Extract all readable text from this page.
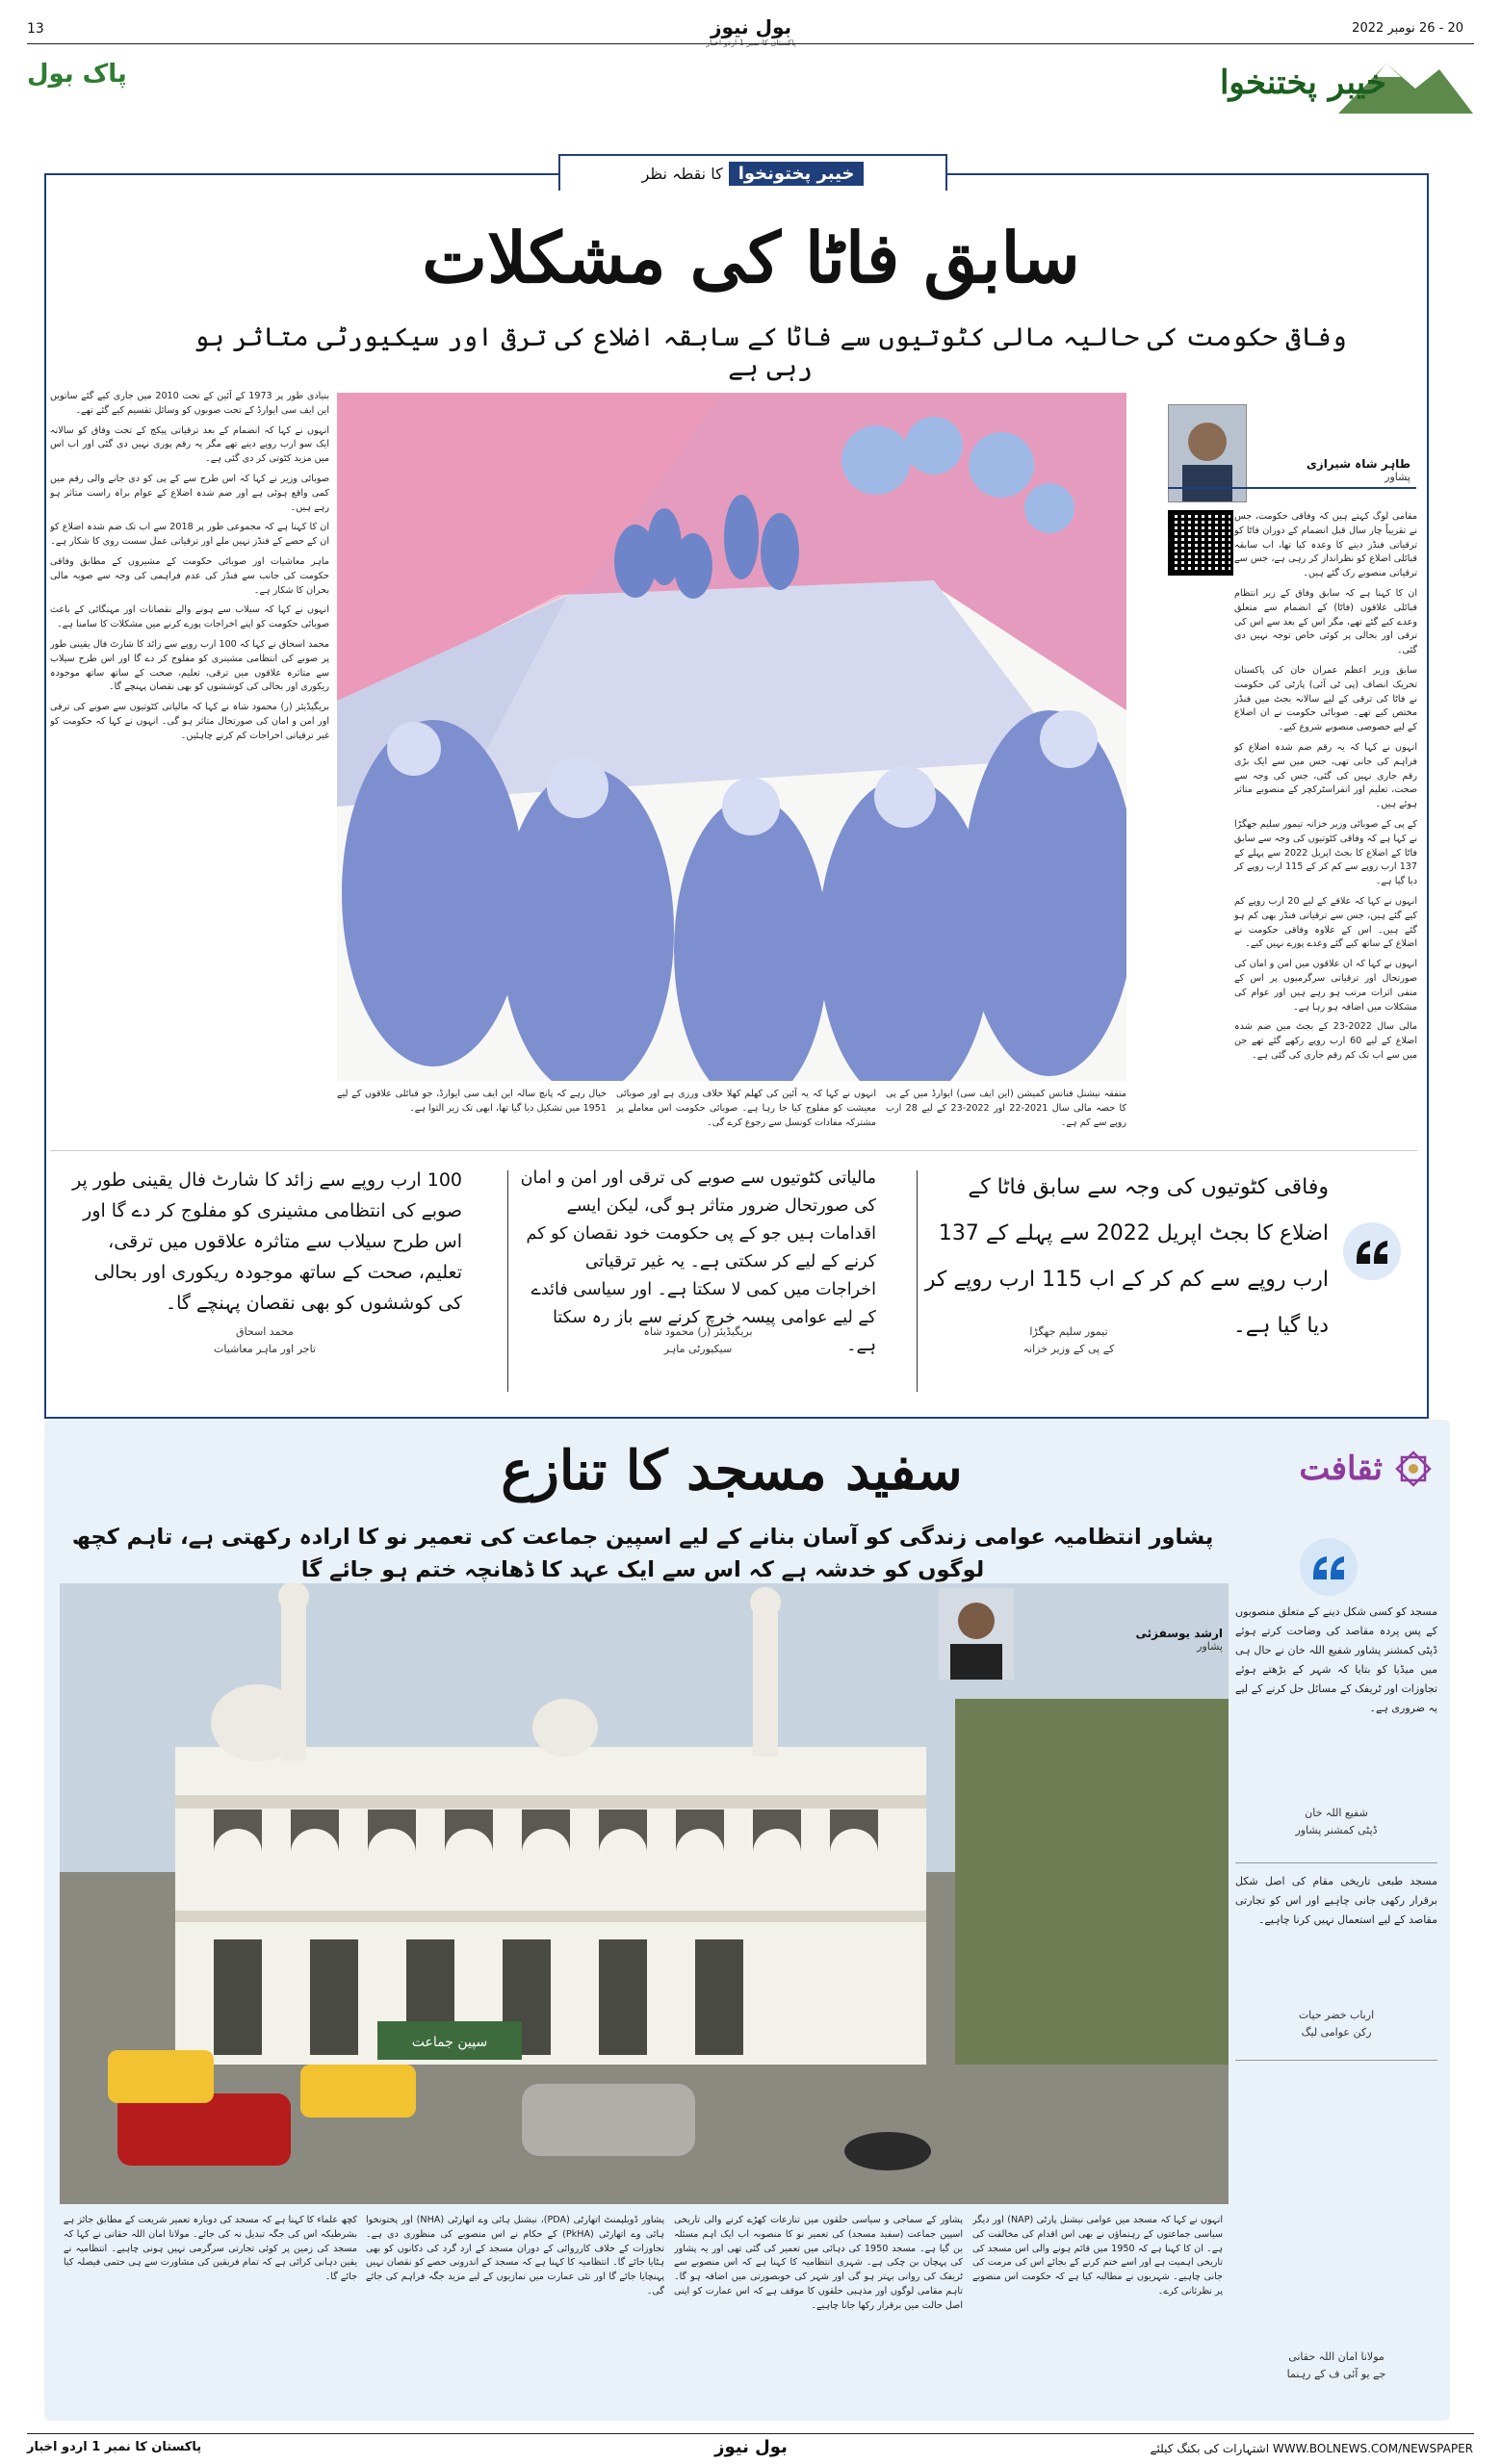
13	20 - 26 نومبر 2022
بول نیوز
پاک بول	خیبر پختنخوا
کا نقطہ نظر خیبر پختونخوا
سابق فاٹا کی مشکلات
وفاقی حکومت کی حالیہ مالی کٹوتیوں سے فاٹا کے سابقہ اضلاع کی ترقی اور سیکیورٹی متاثر ہو رہی ہے

بنیادی طور پر 1973 کے آئین کے تحت 2010 میں جاری کیے گئے ساتویں این ایف سی ایوارڈ کے تحت صوبوں کو وسائل تقسیم کیے گئے تھے۔

انہوں نے کہا کہ انضمام کے بعد ترقیاتی پیکج کے تحت وفاق کو سالانہ ایک سو ارب روپے دینے تھے مگر یہ رقم پوری نہیں دی گئی اور اب اس میں مزید کٹوتی کر دی گئی ہے۔

صوبائی وزیر نے کہا کہ اس طرح سے کے پی کو دی جانے والی رقم میں کمی واقع ہوئی ہے اور ضم شدہ اضلاع کے عوام براہ راست متاثر ہو رہے ہیں۔

ان کا کہنا ہے کہ مجموعی طور پر 2018 سے اب تک ضم شدہ اضلاع کو ان کے حصے کے فنڈز نہیں ملے اور ترقیاتی عمل سست روی کا شکار ہے۔

ماہر معاشیات اور صوبائی حکومت کے مشیروں کے مطابق وفاقی حکومت کی جانب سے فنڈز کی عدم فراہمی کی وجہ سے صوبہ مالی بحران کا شکار ہے۔

انہوں نے کہا کہ سیلاب سے ہونے والے نقصانات اور مہنگائی کے باعث صوبائی حکومت کو اپنے اخراجات پورے کرنے میں مشکلات کا سامنا ہے۔

محمد اسحاق نے کہا کہ 100 ارب روپے سے زائد کا شارٹ فال یقینی طور پر صوبے کی انتظامی مشینری کو مفلوج کر دے گا اور اس طرح سیلاب سے متاثرہ علاقوں میں ترقی، تعلیم، صحت کے ساتھ ساتھ موجودہ ریکوری اور بحالی کی کوششوں کو بھی نقصان پہنچے گا۔

بریگیڈیئر (ر) محمود شاہ نے کہا کہ مالیاتی کٹوتیوں سے صوبے کی ترقی اور امن و امان کی صورتحال متاثر ہو گی۔ انہوں نے کہا کہ حکومت کو غیر ترقیاتی اخراجات کم کرنے چاہئیں۔

طاہر شاہ شیرازی
پشاور

مقامی لوگ کہتے ہیں کہ وفاقی حکومت، جس نے تقریباً چار سال قبل انضمام کے دوران فاٹا کو ترقیاتی فنڈز دینے کا وعدہ کیا تھا، اب سابقہ قبائلی اضلاع کو نظرانداز کر رہی ہے، جس سے ترقیاتی منصوبے رک گئے ہیں۔

ان کا کہنا ہے کہ سابق وفاق کے زیر انتظام قبائلی علاقوں (فاٹا) کے انضمام سے متعلق وعدے کیے گئے تھے، مگر اس کے بعد سے اس کی ترقی اور بحالی پر کوئی خاص توجہ نہیں دی گئی۔

سابق وزیر اعظم عمران خان کی پاکستان تحریک انصاف (پی ٹی آئی) پارٹی کی حکومت نے فاٹا کی ترقی کے لیے سالانہ بجٹ میں فنڈز مختص کیے تھے۔ صوبائی حکومت نے ان اضلاع کے لیے خصوصی منصوبے شروع کیے۔

انہوں نے کہا کہ یہ رقم ضم شدہ اضلاع کو فراہم کی جانی تھی، جس میں سے ایک بڑی رقم جاری نہیں کی گئی، جس کی وجہ سے صحت، تعلیم اور انفراسٹرکچر کے منصوبے متاثر ہوئے ہیں۔

کے پی کے صوبائی وزیر خزانہ تیمور سلیم جھگڑا نے کہا ہے کہ وفاقی کٹوتیوں کی وجہ سے سابق فاٹا کے اضلاع کا بجٹ اپریل 2022 سے پہلے کے 137 ارب روپے سے کم کر کے 115 ارب روپے کر دیا گیا ہے۔

انہوں نے کہا کہ علاقے کے لیے 20 ارب روپے کم کیے گئے ہیں، جس سے ترقیاتی فنڈز بھی کم ہو گئے ہیں۔ اس کے علاوہ وفاقی حکومت نے اضلاع کے ساتھ کیے گئے وعدے پورے نہیں کیے۔

انہوں نے کہا کہ ان علاقوں میں امن و امان کی صورتحال اور ترقیاتی سرگرمیوں پر اس کے منفی اثرات مرتب ہو رہے ہیں اور عوام کی مشکلات میں اضافہ ہو رہا ہے۔

مالی سال 2022-23 کے بجٹ میں ضم شدہ اضلاع کے لیے 60 ارب روپے رکھے گئے تھے جن میں سے اب تک کم رقم جاری کی گئی ہے۔

متفقہ نیشنل فنانس کمیشن (این ایف سی) ایوارڈ میں کے پی کا حصہ مالی سال 2021-22 اور 2022-23 کے لیے 28 ارب روپے سے کم ہے۔
انہوں نے کہا کہ یہ آئین کی کھلم کھلا خلاف ورزی ہے اور صوبائی معیشت کو مفلوج کیا جا رہا ہے۔ صوبائی حکومت اس معاملے پر مشترکہ مفادات کونسل سے رجوع کرے گی۔
خیال رہے کہ پانچ سالہ این ایف سی ایوارڈ، جو قبائلی علاقوں کے لیے 1951 میں تشکیل دیا گیا تھا، ابھی تک زیر التوا ہے۔
وفاقی کٹوتیوں کی وجہ سے سابق فاٹا کے اضلاع کا بجٹ اپریل 2022 سے پہلے کے 137 ارب روپے سے کم کر کے اب 115 ارب روپے کر دیا گیا ہے۔
تیمور سلیم جھگڑا
کے پی کے وزیر خزانہ
مالیاتی کٹوتیوں سے صوبے کی ترقی اور امن و امان کی صورتحال ضرور متاثر ہو گی، لیکن ایسے اقدامات ہیں جو کے پی حکومت خود نقصان کو کم کرنے کے لیے کر سکتی ہے۔ یہ غیر ترقیاتی اخراجات میں کمی لا سکتا ہے۔ اور سیاسی فائدے کے لیے عوامی پیسہ خرچ کرنے سے باز رہ سکتا ہے۔
بریگیڈیئر (ر) محمود شاہ
سیکیورٹی ماہر
100 ارب روپے سے زائد کا شارٹ فال یقینی طور پر صوبے کی انتظامی مشینری کو مفلوج کر دے گا اور اس طرح سیلاب سے متاثرہ علاقوں میں ترقی، تعلیم، صحت کے ساتھ موجودہ ریکوری اور بحالی کی کوششوں کو بھی نقصان پہنچے گا۔
محمد اسحاق
تاجر اور ماہر معاشیات
ثقافت
سفید مسجد کا تنازع
پشاور انتظامیہ عوامی زندگی کو آسان بنانے کے لیے اسپین جماعت کی تعمیر نو کا ارادہ رکھتی ہے، تاہم کچھ لوگوں کو خدشہ ہے کہ اس سے ایک عہد کا ڈھانچہ ختم ہو جائے گا
سپین جماعت
مسجد کو کسی شکل دینے کے متعلق منصوبوں کے پس پردہ مقاصد کی وضاحت کرتے ہوئے ڈپٹی کمشنر پشاور شفیع اللہ خان نے حال ہی میں میڈیا کو بتایا کہ شہر کے بڑھتے ہوئے تجاوزات اور ٹریفک کے مسائل حل کرنے کے لیے یہ ضروری ہے۔
شفیع اللہ خان
ڈپٹی کمشنر پشاور
مسجد طبعی تاریخی مقام کی اصل شکل برقرار رکھی جانی چاہیے اور اس کو تجارتی مقاصد کے لیے استعمال نہیں کرنا چاہیے۔
ارباب خضر حیات
رکن عوامی لیگ
مولانا امان اللہ حقانی
جے یو آئی ف کے رہنما
ارشد یوسفزئی
پشاور
انہوں نے کہا کہ مسجد میں عوامی نیشنل پارٹی (NAP) اور دیگر سیاسی جماعتوں کے رہنماؤں نے بھی اس اقدام کی مخالفت کی ہے۔ ان کا کہنا ہے کہ 1950 میں قائم ہونے والی اس مسجد کی تاریخی اہمیت ہے اور اسے ختم کرنے کے بجائے اس کی مرمت کی جانی چاہیے۔ شہریوں نے مطالبہ کیا ہے کہ حکومت اس منصوبے پر نظرثانی کرے۔
پشاور کے سماجی و سیاسی حلقوں میں تنازعات کھڑے کرنے والی تاریخی اسپین جماعت (سفید مسجد) کی تعمیر نو کا منصوبہ اب ایک اہم مسئلہ بن گیا ہے۔ مسجد 1950 کی دہائی میں تعمیر کی گئی تھی اور یہ پشاور کی پہچان بن چکی ہے۔ شہری انتظامیہ کا کہنا ہے کہ اس منصوبے سے ٹریفک کی روانی بہتر ہو گی اور شہر کی خوبصورتی میں اضافہ ہو گا۔ تاہم مقامی لوگوں اور مذہبی حلقوں کا موقف ہے کہ اس عمارت کو اپنی اصل حالت میں برقرار رکھا جانا چاہیے۔
پشاور ڈویلپمنٹ اتھارٹی (PDA)، نیشنل ہائی وے اتھارٹی (NHA) اور پختونخوا ہائی وے اتھارٹی (PkHA) کے حکام نے اس منصوبے کی منظوری دی ہے۔ تجاوزات کے خلاف کارروائی کے دوران مسجد کے ارد گرد کی دکانوں کو بھی ہٹایا جائے گا۔ انتظامیہ کا کہنا ہے کہ مسجد کے اندرونی حصے کو نقصان نہیں پہنچایا جائے گا اور نئی عمارت میں نمازیوں کے لیے مزید جگہ فراہم کی جائے گی۔
کچھ علماء کا کہنا ہے کہ مسجد کی دوبارہ تعمیر شریعت کے مطابق جائز ہے بشرطیکہ اس کی جگہ تبدیل نہ کی جائے۔ مولانا امان اللہ حقانی نے کہا کہ مسجد کی زمین پر کوئی تجارتی سرگرمی نہیں ہونی چاہیے۔ انتظامیہ نے یقین دہانی کرائی ہے کہ تمام فریقین کی مشاورت سے ہی حتمی فیصلہ کیا جائے گا۔
پاکستان کا نمبر 1 اردو اخبار	بول نیوز	اشتہارات کی بکنگ کیلئے WWW.BOLNEWS.COM/NEWSPAPER
